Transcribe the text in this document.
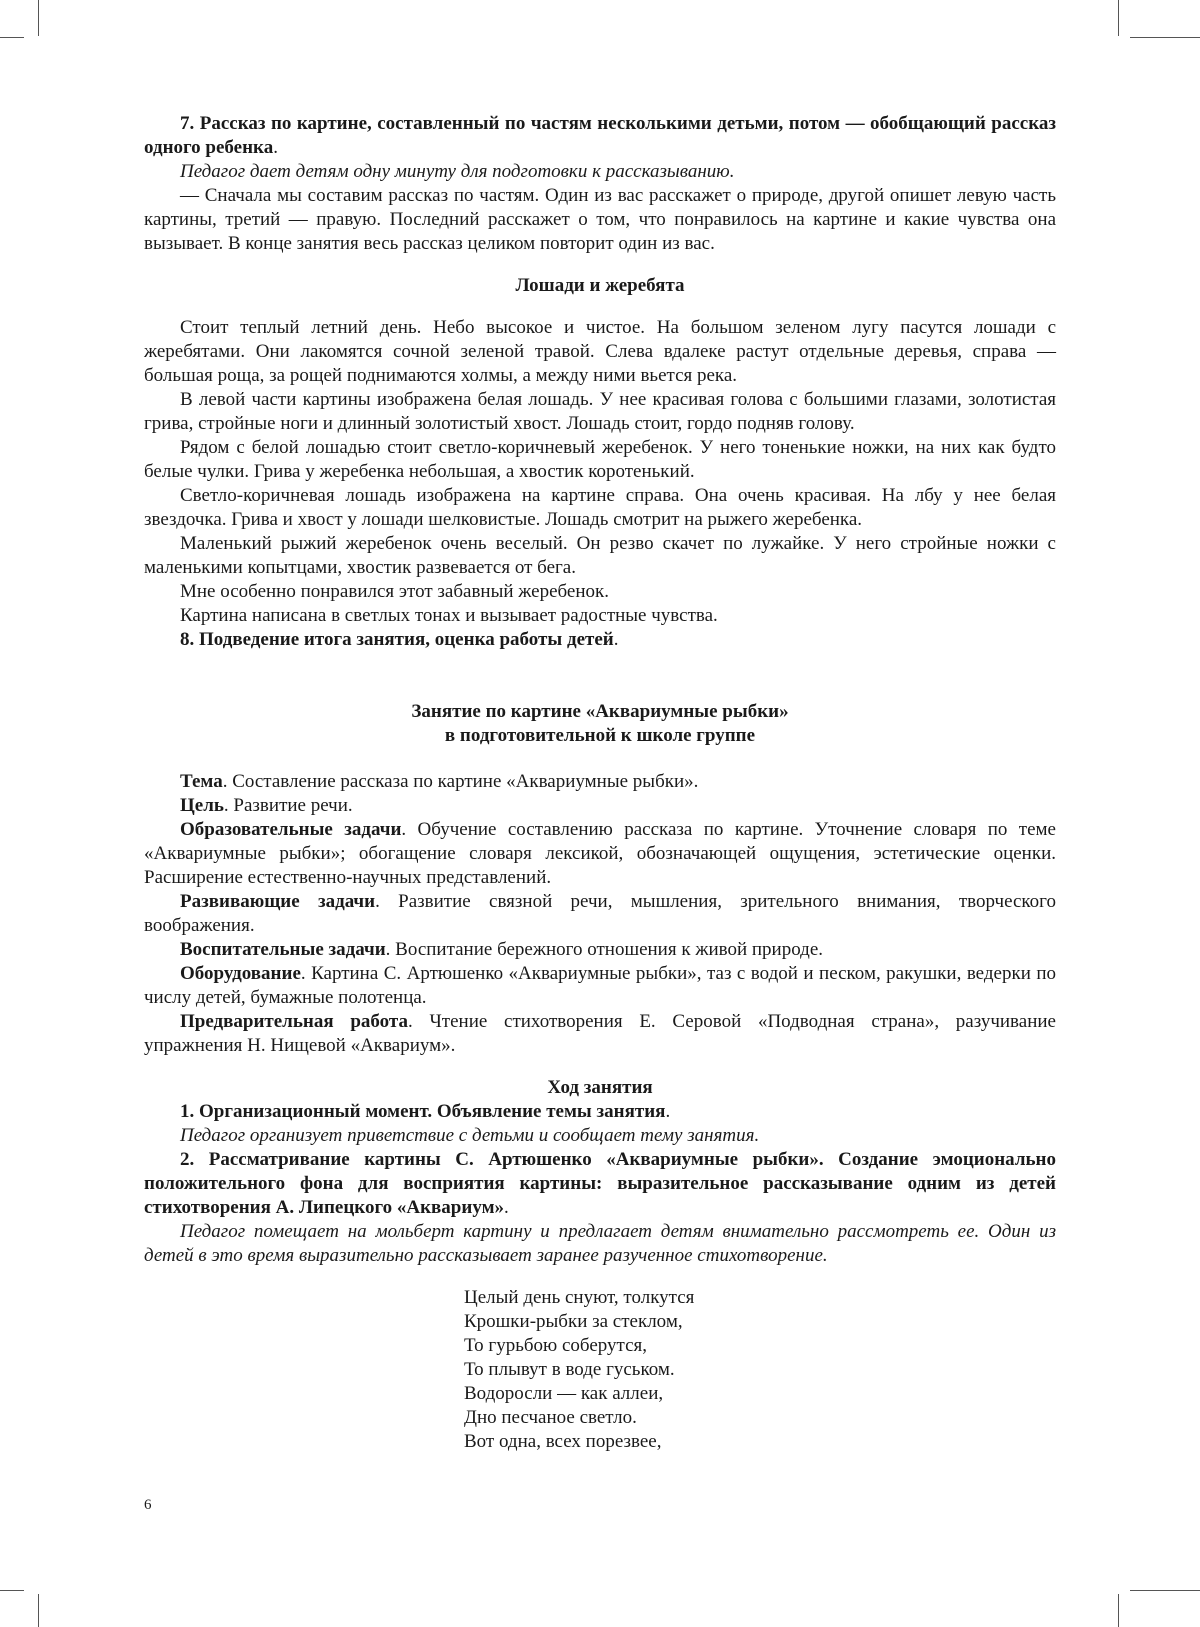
7. Рассказ по картине, составленный по частям несколькими детьми, потом — обобщающий рассказ одного ребенка.

Педагог дает детям одну минуту для подготовки к рассказыванию.

— Сначала мы составим рассказ по частям. Один из вас расскажет о природе, другой опишет левую часть картины, третий — правую. Последний расскажет о том, что понравилось на картине и какие чувства она вызывает. В конце занятия весь рассказ целиком повторит один из вас.

Лошади и жеребята

Стоит теплый летний день. Небо высокое и чистое. На большом зеленом лугу пасутся лошади с жеребятами. Они лакомятся сочной зеленой травой. Слева вдалеке растут отдельные деревья, справа — большая роща, за рощей поднимаются холмы, а между ними вьется река.

В левой части картины изображена белая лошадь. У нее красивая голова с большими глазами, золотистая грива, стройные ноги и длинный золотистый хвост. Лошадь стоит, гордо подняв голову.

Рядом с белой лошадью стоит светло-коричневый жеребенок. У него тоненькие ножки, на них как будто белые чулки. Грива у жеребенка небольшая, а хвостик коротенький.

Светло-коричневая лошадь изображена на картине справа. Она очень красивая. На лбу у нее белая звездочка. Грива и хвост у лошади шелковистые. Лошадь смотрит на рыжего жеребенка.

Маленький рыжий жеребенок очень веселый. Он резво скачет по лужайке. У него стройные ножки с маленькими копытцами, хвостик развевается от бега.

Мне особенно понравился этот забавный жеребенок.

Картина написана в светлых тонах и вызывает радостные чувства.

8. Подведение итога занятия, оценка работы детей.

Занятие по картине «Аквариумные рыбки»
в подготовительной к школе группе

Тема. Составление рассказа по картине «Аквариумные рыбки».

Цель. Развитие речи.

Образовательные задачи. Обучение составлению рассказа по картине. Уточнение словаря по теме «Аквариумные рыбки»; обогащение словаря лексикой, обозначающей ощущения, эстетические оценки. Расширение естественно-научных представлений.

Развивающие задачи. Развитие связной речи, мышления, зрительного внимания, творческого воображения.

Воспитательные задачи. Воспитание бережного отношения к живой природе.

Оборудование. Картина С. Артюшенко «Аквариумные рыбки», таз с водой и песком, ракушки, ведерки по числу детей, бумажные полотенца.

Предварительная работа. Чтение стихотворения Е. Серовой «Подводная страна», разучивание упражнения Н. Нищевой «Аквариум».

Ход занятия

1. Организационный момент. Объявление темы занятия.

Педагог организует приветствие с детьми и сообщает тему занятия.

2. Рассматривание картины С. Артюшенко «Аквариумные рыбки». Создание эмоционально положительного фона для восприятия картины: выразительное рассказывание одним из детей стихотворения А. Липецкого «Аквариум».

Педагог помещает на мольберт картину и предлагает детям внимательно рассмотреть ее. Один из детей в это время выразительно рассказывает заранее разученное стихотворение.

Целый день снуют, толкутся
Крошки-рыбки за стеклом,
То гурьбою соберутся,
То плывут в воде гуськом.
Водоросли — как аллеи,
Дно песчаное светло.
Вот одна, всех порезвее,
6
